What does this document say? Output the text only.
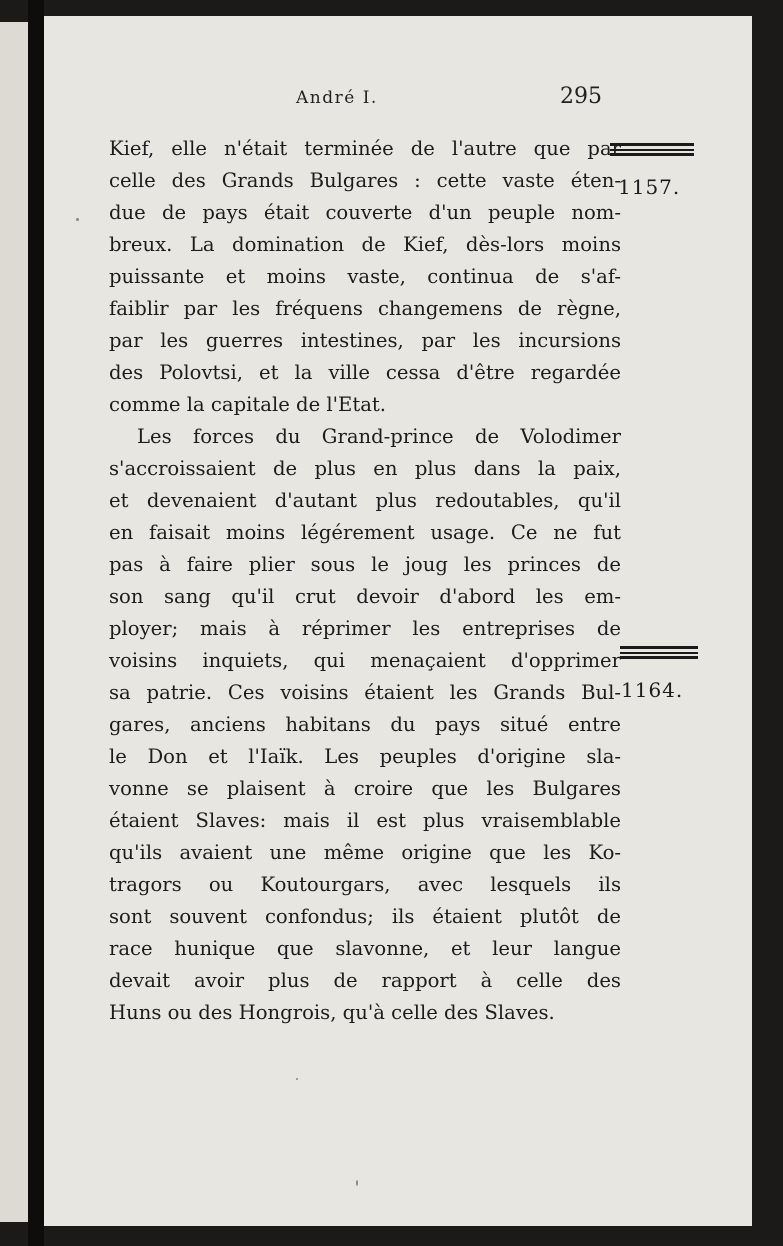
André I.	295
1157.
1164.
Kief, elle n'était terminée de l'autre que par
celle des Grands Bulgares : cette vaste éten-
due de pays était couverte d'un peuple nom-
breux. La domination de Kief, dès-lors moins
puissante et moins vaste, continua de s'af-
faiblir par les fréquens changemens de règne,
par les guerres intestines, par les incursions
des Polovtsi, et la ville cessa d'être regardée
comme la capitale de l'Etat.
Les forces du Grand-prince de Volodimer
s'accroissaient de plus en plus dans la paix,
et devenaient d'autant plus redoutables, qu'il
en faisait moins légérement usage. Ce ne fut
pas à faire plier sous le joug les princes de
son sang qu'il crut devoir d'abord les em-
ployer; mais à réprimer les entreprises de
voisins inquiets, qui menaçaient d'opprimer
sa patrie. Ces voisins étaient les Grands Bul-
gares, anciens habitans du pays situé entre
le Don et l'Iaïk. Les peuples d'origine sla-
vonne se plaisent à croire que les Bulgares
étaient Slaves: mais il est plus vraisemblable
qu'ils avaient une même origine que les Ko-
tragors ou Koutourgars, avec lesquels ils
sont souvent confondus; ils étaient plutôt de
race hunique que slavonne, et leur langue
devait avoir plus de rapport à celle des
Huns ou des Hongrois, qu'à celle des Slaves.
